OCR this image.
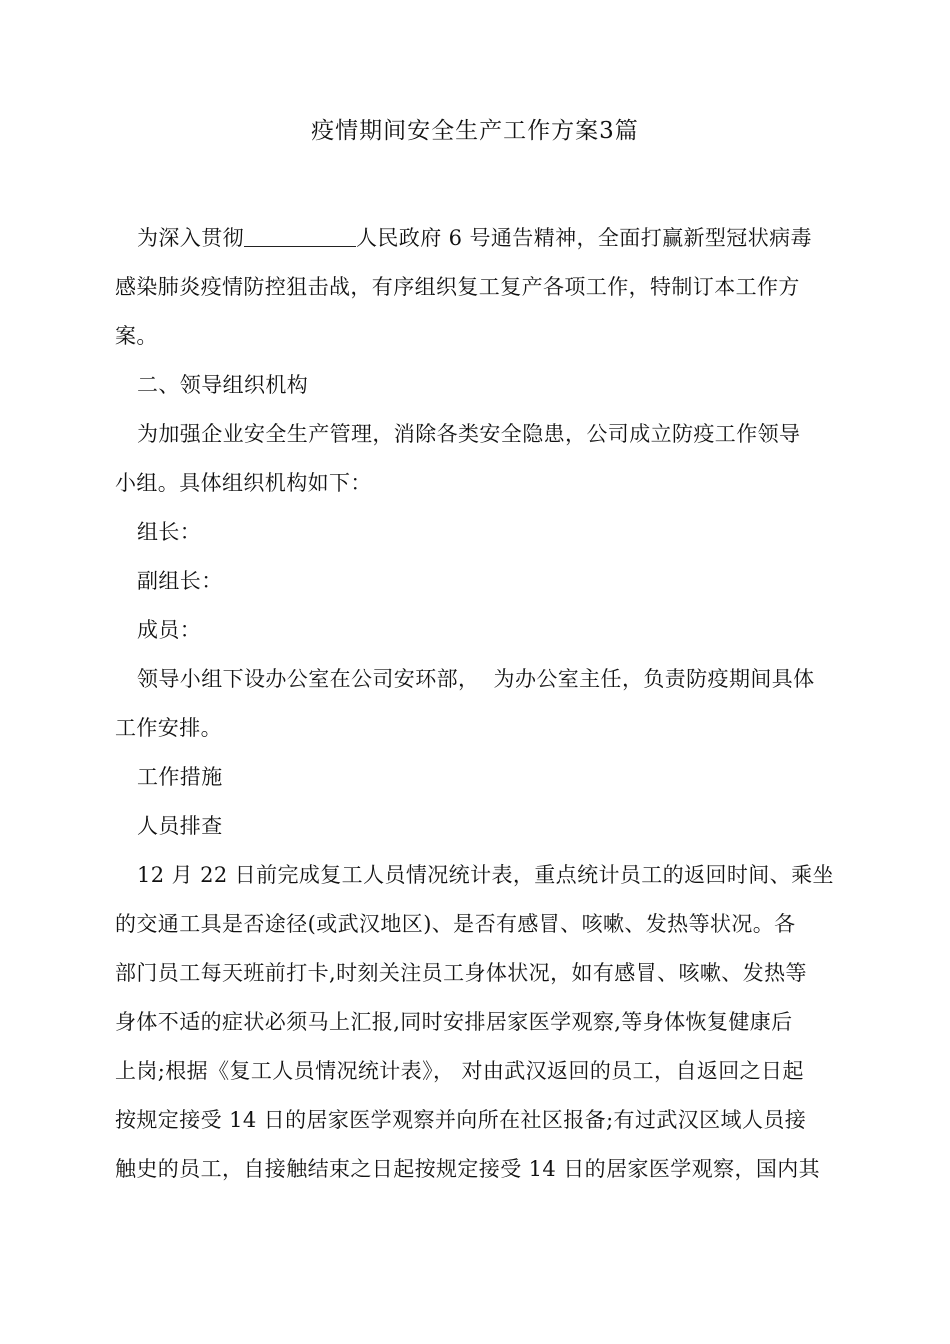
疫情期间安全生产工作方案3篇
为深入贯彻	人民政府 6 号通告精神，全面打赢新型冠状病毒
感染肺炎疫情防控狙击战，有序组织复工复产各项工作，特制订本工作方
案。
二、领导组织机构
为加强企业安全生产管理，消除各类安全隐患，公司成立防疫工作领导
小组。具体组织机构如下：
组长：
副组长：
成员：
领导小组下设办公室在公司安环部，  为办公室主任，负责防疫期间具体
工作安排。
工作措施
人员排查
12 月 22 日前完成复工人员情况统计表，重点统计员工的返回时间、乘坐
的交通工具是否途径(或武汉地区)、是否有感冒、咳嗽、发热等状况。各
部门员工每天班前打卡,时刻关注员工身体状况，如有感冒、咳嗽、发热等
身体不适的症状必须马上汇报,同时安排居家医学观察,等身体恢复健康后
上岗;根据《复工人员情况统计表》， 对由武汉返回的员工，自返回之日起
按规定接受 14 日的居家医学观察并向所在社区报备;有过武汉区域人员接
触史的员工，自接触结束之日起按规定接受 14 日的居家医学观察，国内其
